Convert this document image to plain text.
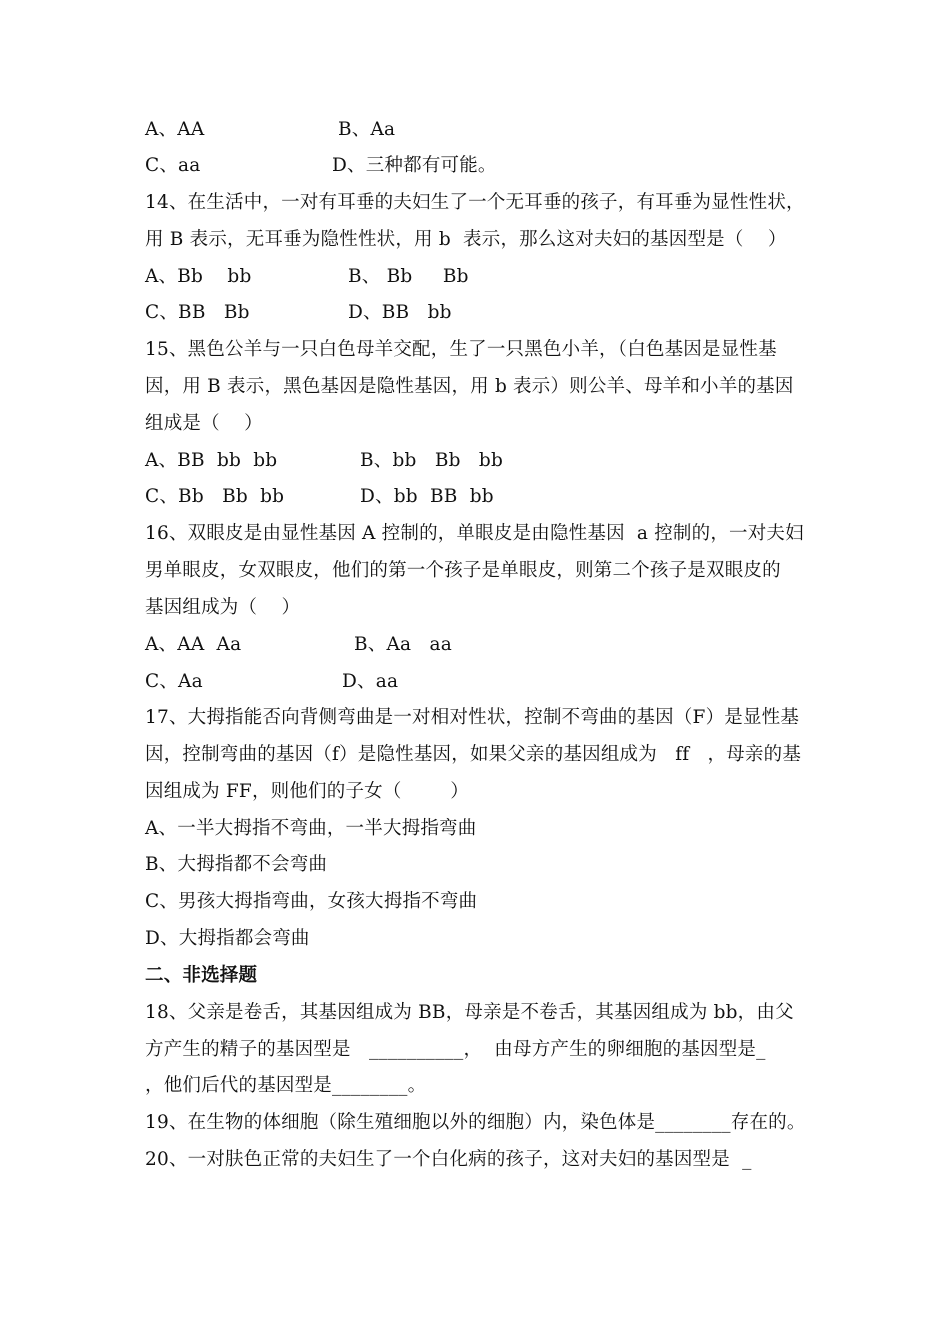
A、AA	B、Aa
C、aa	D、三种都有可能。
14、在生活中，一对有耳垂的夫妇生了一个无耳垂的孩子，有耳垂为显性性状，
用 B 表示，无耳垂为隐性性状，用 b  表示，那么这对夫妇的基因型是（    ）
A、Bb    bb	B、 Bb     Bb
C、BB   Bb	D、BB   bb
15、黑色公羊与一只白色母羊交配，生了一只黑色小羊，（白色基因是显性基
因，用 B 表示，黑色基因是隐性基因，用 b 表示）则公羊、母羊和小羊的基因
组成是（    ）
A、BB  bb  bb	B、bb   Bb   bb
C、Bb   Bb  bb	D、bb  BB  bb
16、双眼皮是由显性基因 A 控制的，单眼皮是由隐性基因  a 控制的，一对夫妇
男单眼皮，女双眼皮，他们的第一个孩子是单眼皮，则第二个孩子是双眼皮的
基因组成为（    ）
A、AA  Aa	B、Aa   aa
C、Aa	D、aa
17、大拇指能否向背侧弯曲是一对相对性状，控制不弯曲的基因（F）是显性基
因，控制弯曲的基因（f）是隐性基因，如果父亲的基因组成为   ff   ，母亲的基
因组成为 FF，则他们的子女（        ）
A、一半大拇指不弯曲，一半大拇指弯曲
B、大拇指都不会弯曲
C、男孩大拇指弯曲，女孩大拇指不弯曲
D、大拇指都会弯曲
二、非选择题
18、父亲是卷舌，其基因组成为 BB，母亲是不卷舌，其基因组成为 bb，由父
方产生的精子的基因型是   __________，  由母方产生的卵细胞的基因型是_
，他们后代的基因型是________。
19、在生物的体细胞（除生殖细胞以外的细胞）内，染色体是________存在的。
20、一对肤色正常的夫妇生了一个白化病的孩子，这对夫妇的基因型是  _
